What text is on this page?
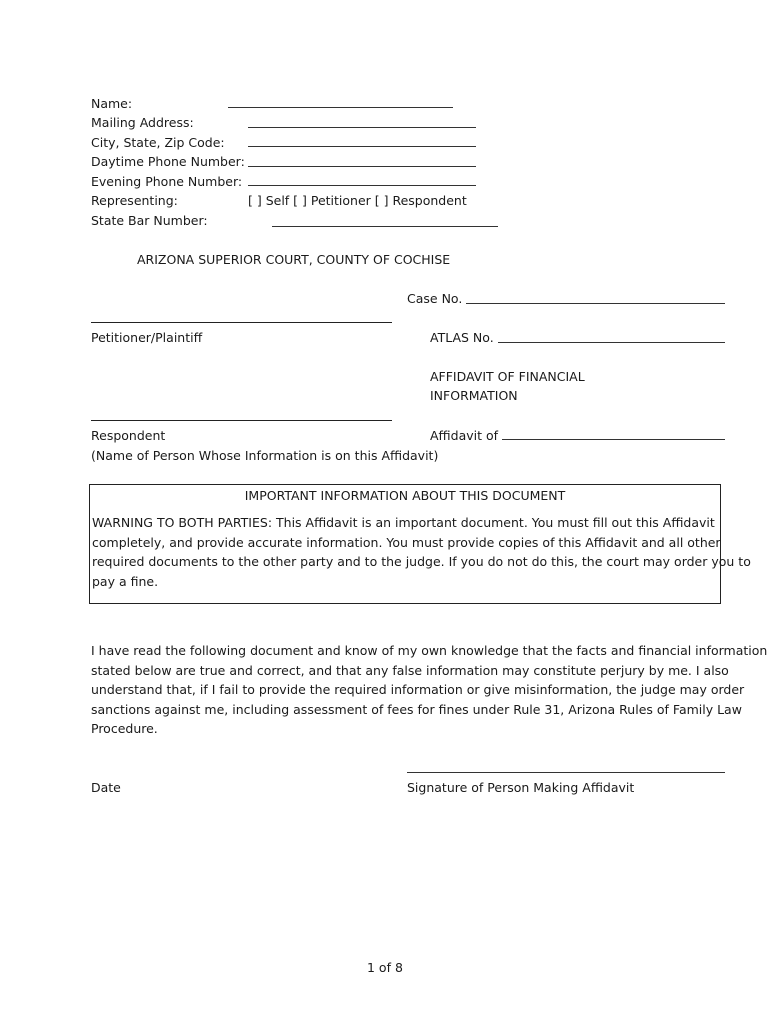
Name:
Mailing Address:
City, State, Zip Code:
Daytime Phone Number:
Evening Phone Number:
Representing:	[ ] Self [ ] Petitioner [ ] Respondent
State Bar Number:
ARIZONA SUPERIOR COURT, COUNTY OF COCHISE
Case No.
Petitioner/Plaintiff	ATLAS No.
AFFIDAVIT OF FINANCIAL
INFORMATION
Respondent	Affidavit of
(Name of Person Whose Information is on this Affidavit)
IMPORTANT INFORMATION ABOUT THIS DOCUMENT
WARNING TO BOTH PARTIES: This Affidavit is an important document. You must fill out this Affidavit
completely, and provide accurate information. You must provide copies of this Affidavit and all other
required documents to the other party and to the judge. If you do not do this, the court may order you to
pay a fine.
I have read the following document and know of my own knowledge that the facts and financial information
stated below are true and correct, and that any false information may constitute perjury by me. I also
understand that, if I fail to provide the required information or give misinformation, the judge may order
sanctions against me, including assessment of fees for fines under Rule 31, Arizona Rules of Family Law
Procedure.
Date	Signature of Person Making Affidavit
1 of 8
